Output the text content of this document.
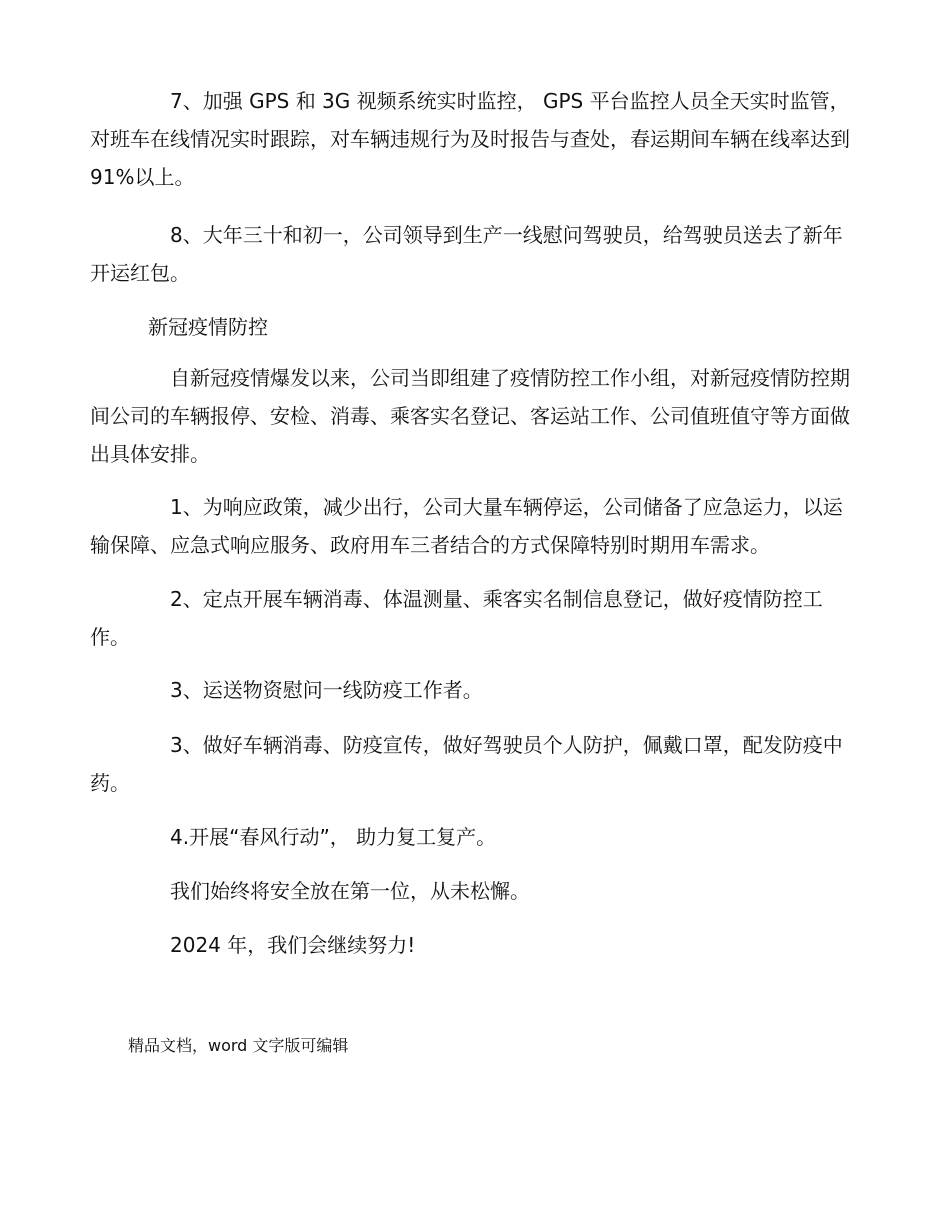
7、加强 GPS 和 3G 视频系统实时监控， GPS 平台监控人员全天实时监管，对班车在线情况实时跟踪，对车辆违规行为及时报告与查处，春运期间车辆在线率达到 91%以上。

8、大年三十和初一，公司领导到生产一线慰问驾驶员，给驾驶员送去了新年开运红包。

新冠疫情防控

自新冠疫情爆发以来，公司当即组建了疫情防控工作小组，对新冠疫情防控期间公司的车辆报停、安检、消毒、乘客实名登记、客运站工作、公司值班值守等方面做出具体安排。

1、为响应政策，减少出行，公司大量车辆停运，公司储备了应急运力，以运输保障、应急式响应服务、政府用车三者结合的方式保障特别时期用车需求。

2、定点开展车辆消毒、体温测量、乘客实名制信息登记，做好疫情防控工作。

3、运送物资慰问一线防疫工作者。

3、做好车辆消毒、防疫宣传，做好驾驶员个人防护，佩戴口罩，配发防疫中药。

4.开展“春风行动”， 助力复工复产。

我们始终将安全放在第一位，从未松懈。

2024 年，我们会继续努力!

精品文档，word 文字版可编辑
